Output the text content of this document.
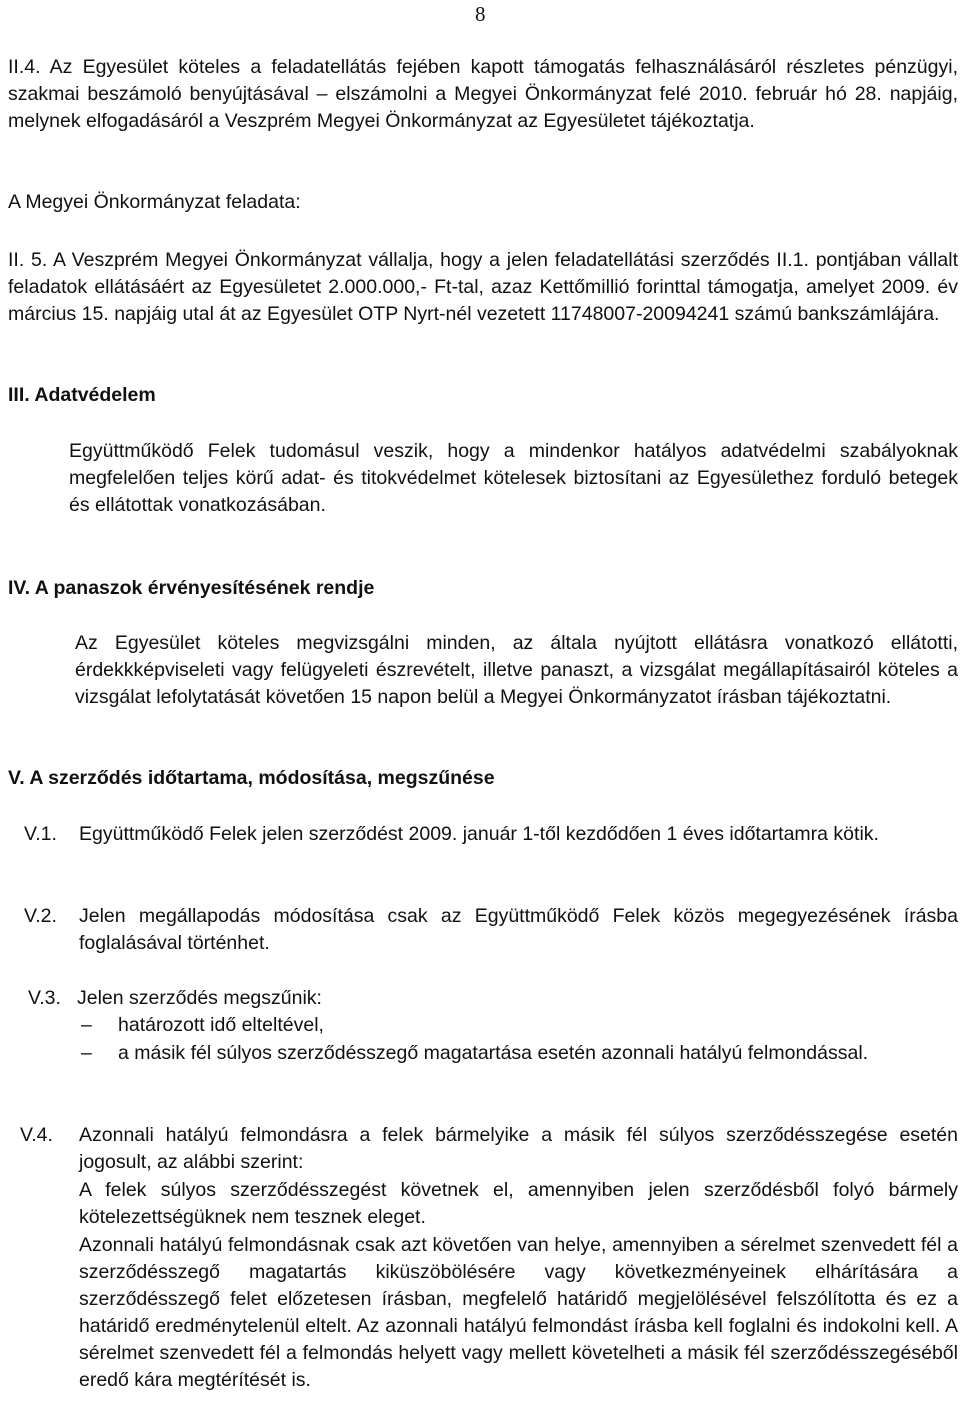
8

II.4. Az Egyesület köteles a feladatellátás fejében kapott támogatás felhasználásáról részletes pénzügyi, szakmai beszámoló benyújtásával – elszámolni a Megyei Önkormányzat felé 2010. február hó 28. napjáig, melynek elfogadásáról a Veszprém Megyei Önkormányzat az Egyesületet tájékoztatja.

A Megyei Önkormányzat feladata:

II. 5. A Veszprém Megyei Önkormányzat vállalja, hogy a jelen feladatellátási szerződés II.1. pontjában vállalt feladatok ellátásáért az Egyesületet 2.000.000,- Ft-tal, azaz Kettőmillió forinttal támogatja, amelyet 2009. év március 15. napjáig utal át az Egyesület OTP Nyrt-nél vezetett 11748007-20094241 számú bankszámlájára.

III. Adatvédelem

Együttműködő Felek tudomásul veszik, hogy a mindenkor hatályos adatvédelmi szabályoknak megfelelően teljes körű adat- és titokvédelmet kötelesek biztosítani az Egyesülethez forduló betegek és ellátottak vonatkozásában.

IV. A panaszok érvényesítésének rendje

Az Egyesület köteles megvizsgálni minden, az általa nyújtott ellátásra vonatkozó ellátotti, érdekkképviseleti vagy felügyeleti észrevételt, illetve panaszt, a vizsgálat megállapításairól köteles a vizsgálat lefolytatását követően 15 napon belül a Megyei Önkormányzatot írásban tájékoztatni.

V. A szerződés időtartama, módosítása, megszűnése

V.1. Együttműködő Felek jelen szerződést 2009. január 1-től kezdődően 1 éves időtartamra kötik.

V.2. Jelen megállapodás módosítása csak az Együttműködő Felek közös megegyezésének írásba foglalásával történhet.

V.3. Jelen szerződés megszűnik:

– határozott idő elteltével,

– a másik fél súlyos szerződésszegő magatartása esetén azonnali hatályú felmondással.

V.4. Azonnali hatályú felmondásra a felek bármelyike a másik fél súlyos szerződésszegése esetén jogosult, az alábbi szerint:

A felek súlyos szerződésszegést követnek el, amennyiben jelen szerződésből folyó bármely kötelezettségüknek nem tesznek eleget.

Azonnali hatályú felmondásnak csak azt követően van helye, amennyiben a sérelmet szenvedett fél a szerződésszegő magatartás kiküszöbölésére vagy következményeinek elhárítására a szerződésszegő felet előzetesen írásban, megfelelő határidő megjelölésével felszólította és ez a határidő eredménytelenül eltelt. Az azonnali hatályú felmondást írásba kell foglalni és indokolni kell. A sérelmet szenvedett fél a felmondás helyett vagy mellett követelheti a másik fél szerződésszegéséből eredő kára megtérítését is.
